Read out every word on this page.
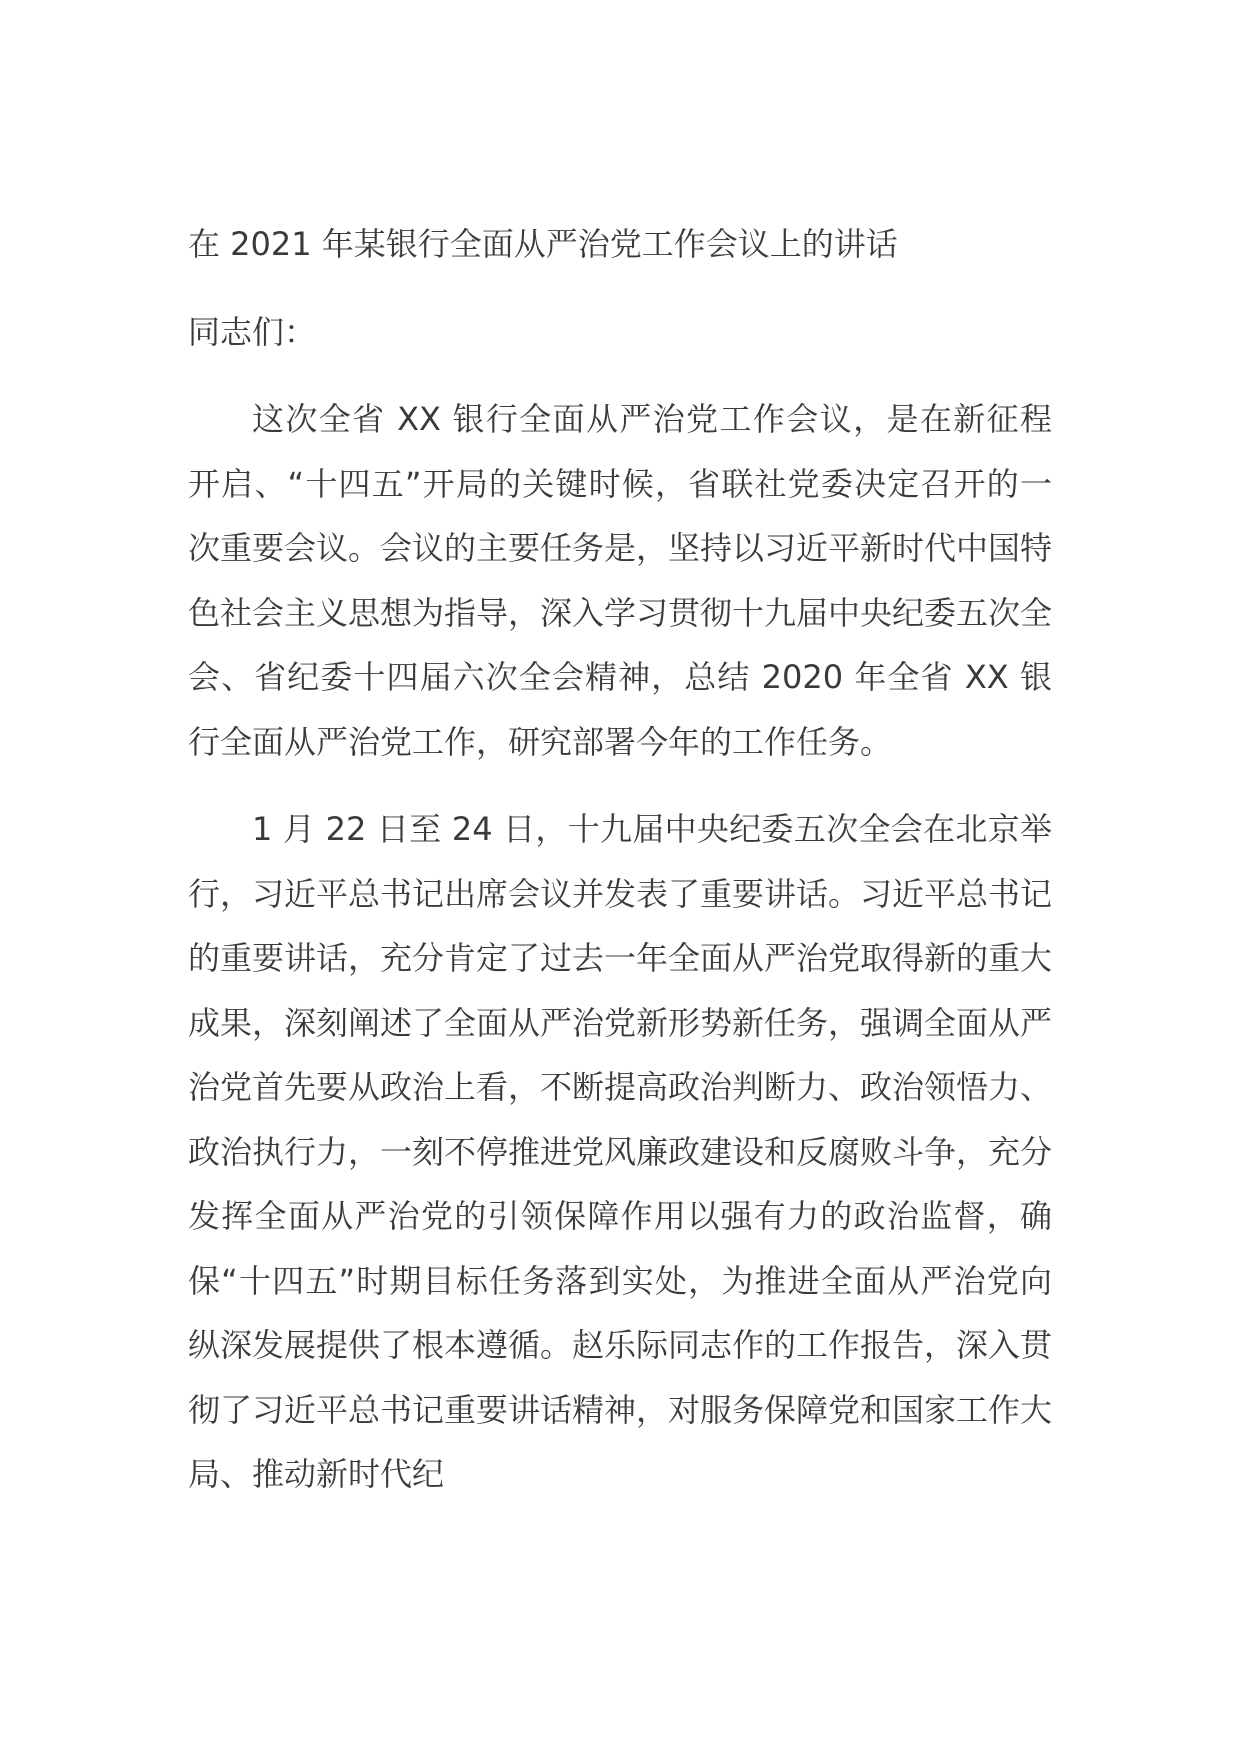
在 2021 年某银行全面从严治党工作会议上的讲话

同志们：

这次全省 XX 银行全面从严治党工作会议，是在新征程开启、“十四五”开局的关键时候，省联社党委决定召开的一次重要会议。会议的主要任务是，坚持以习近平新时代中国特色社会主义思想为指导，深入学习贯彻十九届中央纪委五次全会、省纪委十四届六次全会精神，总结 2020 年全省 XX 银行全面从严治党工作，研究部署今年的工作任务。

1 月 22 日至 24 日，十九届中央纪委五次全会在北京举行，习近平总书记出席会议并发表了重要讲话。习近平总书记的重要讲话，充分肯定了过去一年全面从严治党取得新的重大成果，深刻阐述了全面从严治党新形势新任务，强调全面从严治党首先要从政治上看，不断提高政治判断力、政治领悟力、政治执行力，一刻不停推进党风廉政建设和反腐败斗争，充分发挥全面从严治党的引领保障作用以强有力的政治监督，确保“十四五”时期目标任务落到实处，为推进全面从严治党向纵深发展提供了根本遵循。赵乐际同志作的工作报告，深入贯彻了习近平总书记重要讲话精神，对服务保障党和国家工作大局、推动新时代纪
